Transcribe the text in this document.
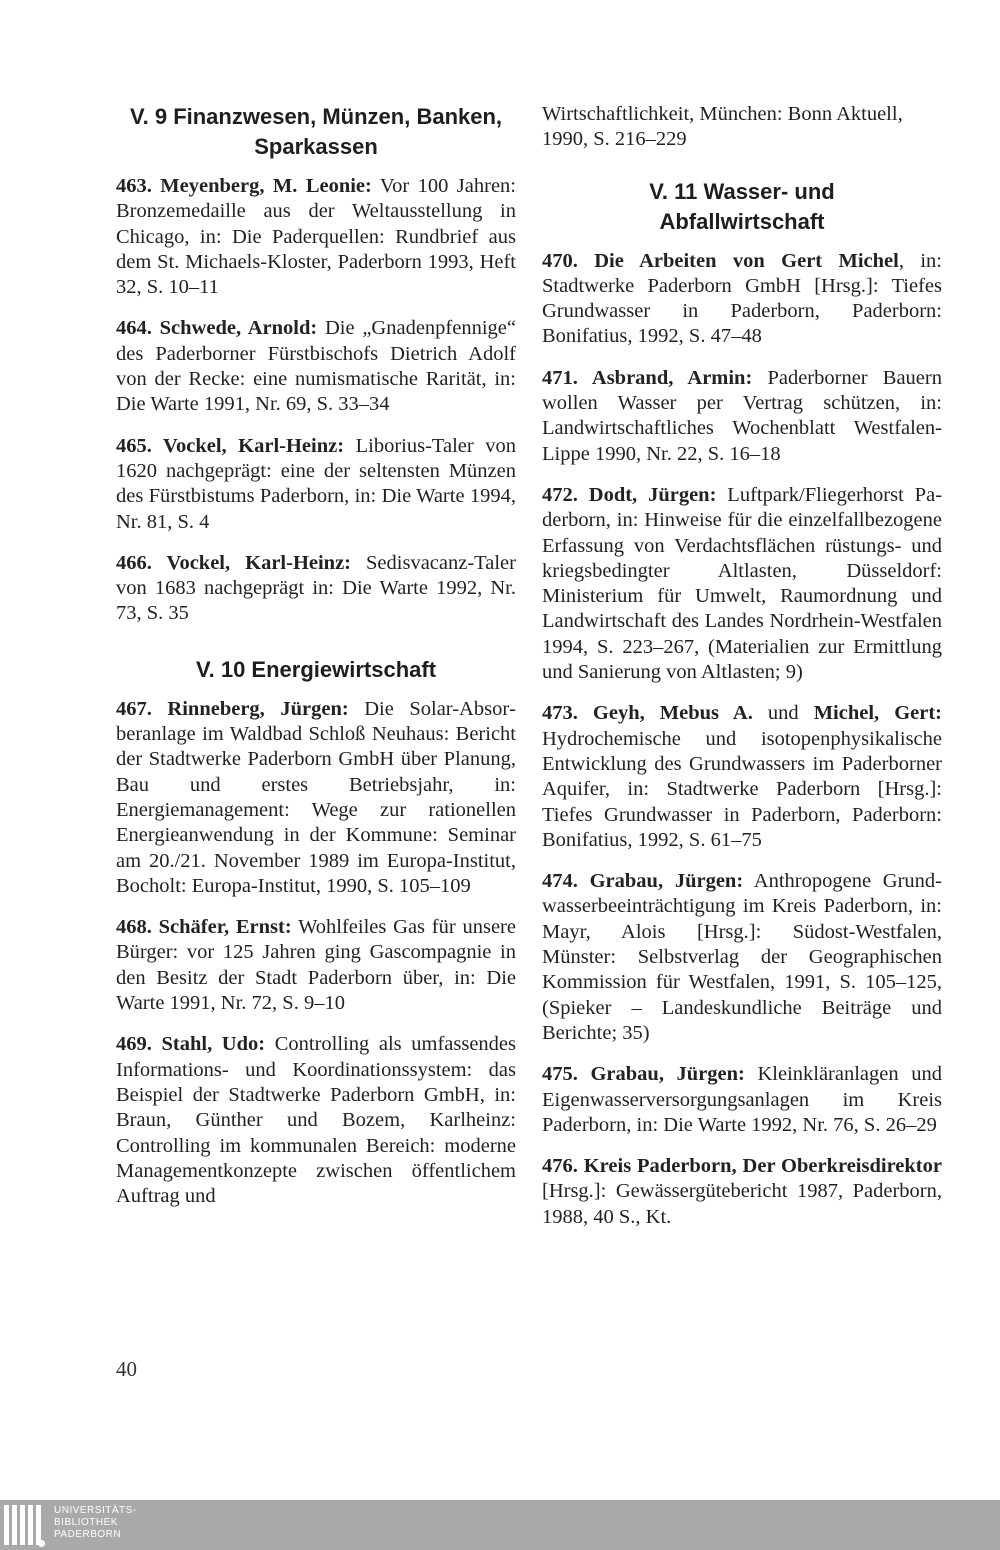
V. 9 Finanzwesen, Münzen, Banken,
Sparkassen

463. Meyenberg, M. Leonie: Vor 100 Jahren: Bronzemedaille aus der Weltausstellung in Chicago, in: Die Paderquellen: Rundbrief aus dem St. Michaels-Kloster, Paderborn 1993, Heft 32, S. 10–11

464. Schwede, Arnold: Die „Gnadenpfennige“ des Paderborner Fürstbischofs Dietrich Adolf von der Recke: eine numismatische Rarität, in: Die Warte 1991, Nr. 69, S. 33–34

465. Vockel, Karl-Heinz: Liborius-Taler von 1620 nachgeprägt: eine der seltensten Münzen des Fürstbistums Paderborn, in: Die Warte 1994, Nr. 81, S. 4

466. Vockel, Karl-Heinz: Sedisvacanz-Taler von 1683 nachgeprägt in: Die Warte 1992, Nr. 73, S. 35

V. 10 Energiewirtschaft

467. Rinneberg, Jürgen: Die Solar-Absorberanlage im Waldbad Schloß Neuhaus: Bericht der Stadtwerke Paderborn GmbH über Planung, Bau und erstes Betriebsjahr, in: Energiemanagement: Wege zur rationellen Energieanwendung in der Kommune: Seminar am 20./21. November 1989 im Europa-Institut, Bocholt: Europa-Institut, 1990, S. 105–109

468. Schäfer, Ernst: Wohlfeiles Gas für unsere Bürger: vor 125 Jahren ging Gascompagnie in den Besitz der Stadt Paderborn über, in: Die Warte 1991, Nr. 72, S. 9–10

469. Stahl, Udo: Controlling als umfassendes Informations- und Koordinationssystem: das Beispiel der Stadtwerke Paderborn GmbH, in: Braun, Günther und Bozem, Karlheinz: Controlling im kommunalen Bereich: moderne Managementkonzepte zwischen öffentlichem Auftrag und

Wirtschaftlichkeit, München: Bonn Aktuell, 1990, S. 216–229

V. 11 Wasser- und
Abfallwirtschaft

470. Die Arbeiten von Gert Michel, in: Stadtwerke Paderborn GmbH [Hrsg.]: Tiefes Grundwasser in Paderborn, Paderborn: Bonifatius, 1992, S. 47–48

471. Asbrand, Armin: Paderborner Bauern wollen Wasser per Vertrag schützen, in: Landwirtschaftliches Wochenblatt Westfalen-Lippe 1990, Nr. 22, S. 16–18

472. Dodt, Jürgen: Luftpark/Fliegerhorst Paderborn, in: Hinweise für die einzelfallbezogene Erfassung von Verdachtsflächen rüstungs- und kriegsbedingter Altlasten, Düsseldorf: Ministerium für Umwelt, Raumordnung und Landwirtschaft des Landes Nordrhein-Westfalen 1994, S. 223–267, (Materialien zur Ermittlung und Sanierung von Altlasten; 9)

473. Geyh, Mebus A. und Michel, Gert: Hydrochemische und isotopenphysikalische Entwicklung des Grundwassers im Paderborner Aquifer, in: Stadtwerke Paderborn [Hrsg.]: Tiefes Grundwasser in Paderborn, Paderborn: Bonifatius, 1992, S. 61–75

474. Grabau, Jürgen: Anthropogene Grundwasserbeeinträchtigung im Kreis Paderborn, in: Mayr, Alois [Hrsg.]: Südost-Westfalen, Münster: Selbstverlag der Geographischen Kommission für Westfalen, 1991, S. 105–125, (Spieker – Landeskundliche Beiträge und Berichte; 35)

475. Grabau, Jürgen: Kleinkläranlagen und Eigenwasserversorgungsanlagen im Kreis Paderborn, in: Die Warte 1992, Nr. 76, S. 26–29

476. Kreis Paderborn, Der Oberkreisdirektor [Hrsg.]: Gewässergütebericht 1987, Paderborn, 1988, 40 S., Kt.

40
UNIVERSITÄTS-
BIBLIOTHEK
PADERBORN
